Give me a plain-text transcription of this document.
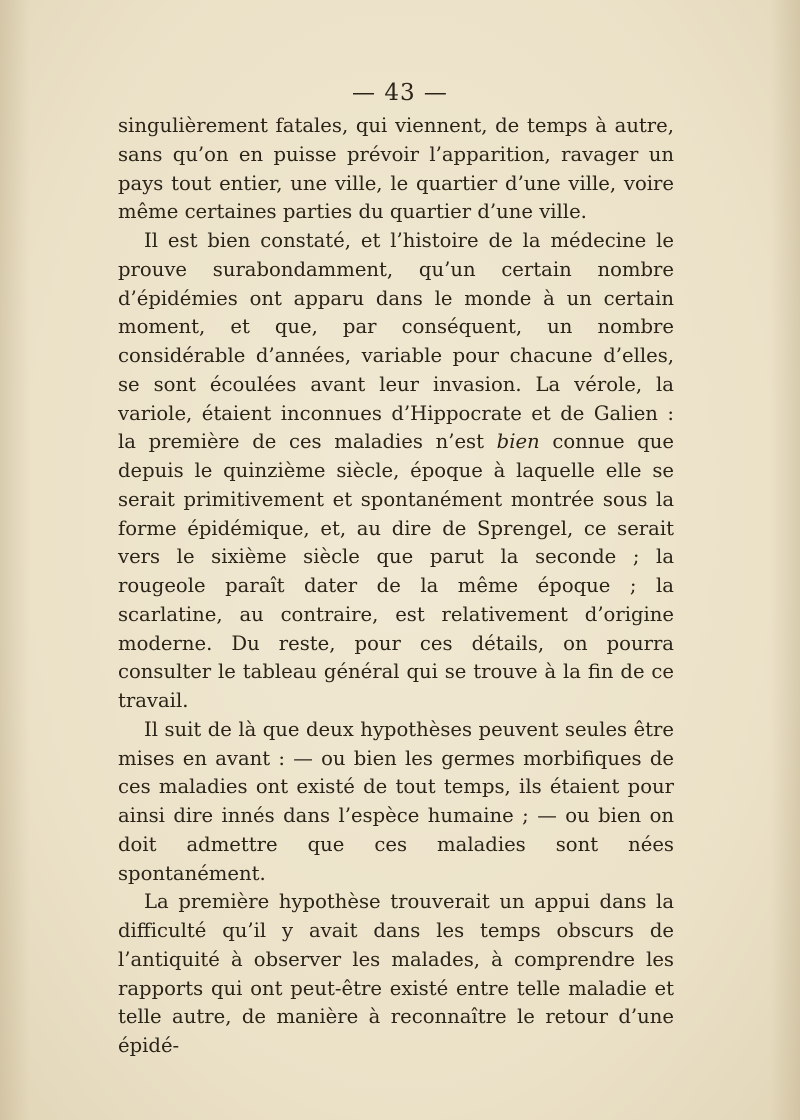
— 43 —

singulièrement fatales, qui viennent, de temps à autre, sans qu’on en puisse prévoir l’apparition, ravager un pays tout entier, une ville, le quartier d’une ville, voire même certaines parties du quartier d’une ville.

Il est bien constaté, et l’histoire de la médecine le prouve surabondamment, qu’un certain nombre d’épidémies ont apparu dans le monde à un certain moment, et que, par conséquent, un nombre considérable d’années, variable pour chacune d’elles, se sont écoulées avant leur invasion. La vérole, la variole, étaient inconnues d’Hippocrate et de Galien : la première de ces maladies n’est bien connue que depuis le quinzième siècle, époque à laquelle elle se serait primitivement et spontanément montrée sous la forme épidémique, et, au dire de Sprengel, ce serait vers le sixième siècle que parut la seconde ; la rougeole paraît dater de la même époque ; la scarlatine, au contraire, est relativement d’origine moderne. Du reste, pour ces détails, on pourra consulter le tableau général qui se trouve à la fin de ce travail.

Il suit de là que deux hypothèses peuvent seules être mises en avant : — ou bien les germes morbifiques de ces maladies ont existé de tout temps, ils étaient pour ainsi dire innés dans l’espèce humaine ; — ou bien on doit admettre que ces maladies sont nées spontanément.

La première hypothèse trouverait un appui dans la difficulté qu’il y avait dans les temps obscurs de l’antiquité à observer les malades, à comprendre les rapports qui ont peut-être existé entre telle maladie et telle autre, de manière à reconnaître le retour d’une épidé-
